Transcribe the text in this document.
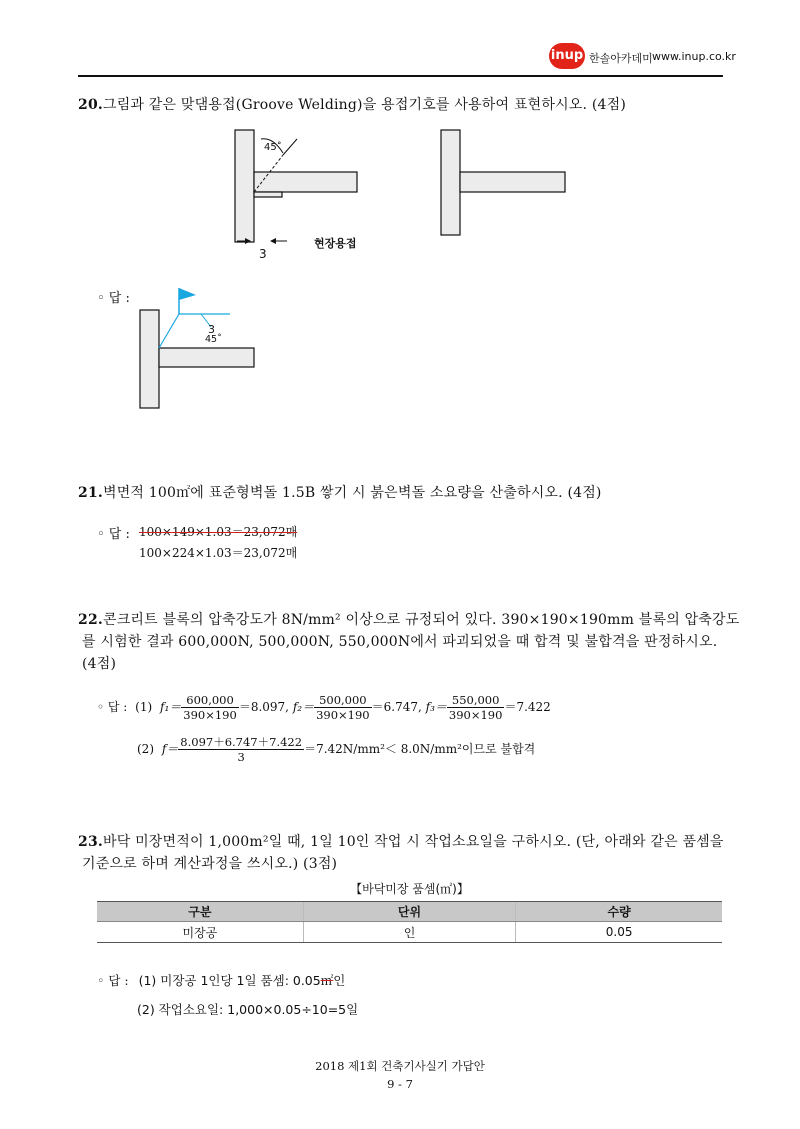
inup 한솔아카데미 www.inup.co.kr
20.그림과 같은 맞댐용접(Groove Welding)을 용접기호를 사용하여 표현하시오. (4점)
45˚
3
현장용접
◦ 답 :
3
45˚
21.벽면적 100㎡에 표준형벽돌 1.5B 쌓기 시 붉은벽돌 소요량을 산출하시오. (4점)
◦ 답 : 100×149×1.03＝23,072매
100×224×1.03＝23,072매
22.콘크리트 블록의 압축강도가 8N/mm² 이상으로 규정되어 있다. 390×190×190mm 블록의 압축강도
를 시험한 결과 600,000N, 500,000N, 550,000N에서 파괴되었을 때 합격 및 불합격을 판정하시오.
(4점)
◦ 답 : (1) $f_1= \frac{600,000}{390\times 190} =8.097$, $f_2= \frac{500,000}{390\times 190} =6.747$, $f_3= \frac{550,000}{390\times 190} =7.422$
(2) $f= \frac{8.097+6.747+7.422}{3} =7.42N/mm^2< 8.0N/mm^2$이므로 불합격
23.바닥 미장면적이 1,000m²일 때, 1일 10인 작업 시 작업소요일을 구하시오. (단, 아래와 같은 품셈을
기준으로 하며 계산과정을 쓰시오.) (3점)
【바닥미장 품셈(㎡)】
구분	단위	수량
미장공	인	0.05
◦ 답 : (1) 미장공 1인당 1일 품셈: 0.05㎡인
(2) 작업소요일: 1,000×0.05÷10=5일
2018 제1회 건축기사실기 가답안
9 - 7
